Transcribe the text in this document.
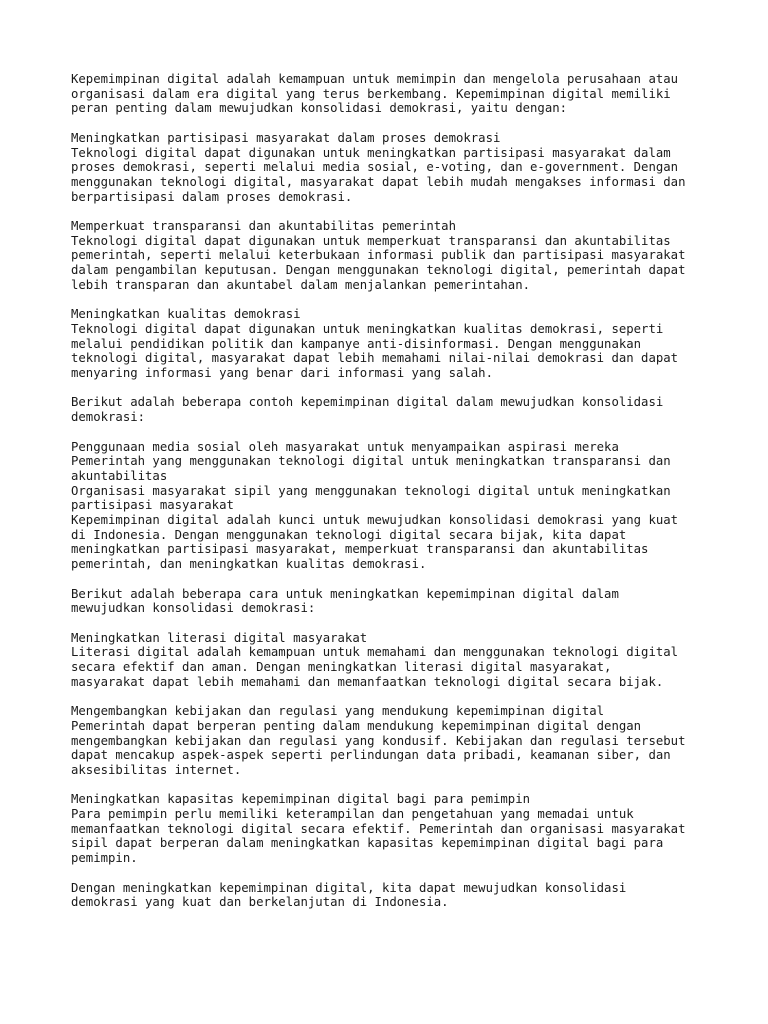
Kepemimpinan digital adalah kemampuan untuk memimpin dan mengelola perusahaan atau
organisasi dalam era digital yang terus berkembang. Kepemimpinan digital memiliki
peran penting dalam mewujudkan konsolidasi demokrasi, yaitu dengan:
Meningkatkan partisipasi masyarakat dalam proses demokrasi
Teknologi digital dapat digunakan untuk meningkatkan partisipasi masyarakat dalam
proses demokrasi, seperti melalui media sosial, e-voting, dan e-government. Dengan
menggunakan teknologi digital, masyarakat dapat lebih mudah mengakses informasi dan
berpartisipasi dalam proses demokrasi.
Memperkuat transparansi dan akuntabilitas pemerintah
Teknologi digital dapat digunakan untuk memperkuat transparansi dan akuntabilitas
pemerintah, seperti melalui keterbukaan informasi publik dan partisipasi masyarakat
dalam pengambilan keputusan. Dengan menggunakan teknologi digital, pemerintah dapat
lebih transparan dan akuntabel dalam menjalankan pemerintahan.
Meningkatkan kualitas demokrasi
Teknologi digital dapat digunakan untuk meningkatkan kualitas demokrasi, seperti
melalui pendidikan politik dan kampanye anti-disinformasi. Dengan menggunakan
teknologi digital, masyarakat dapat lebih memahami nilai-nilai demokrasi dan dapat
menyaring informasi yang benar dari informasi yang salah.
Berikut adalah beberapa contoh kepemimpinan digital dalam mewujudkan konsolidasi
demokrasi:
Penggunaan media sosial oleh masyarakat untuk menyampaikan aspirasi mereka
Pemerintah yang menggunakan teknologi digital untuk meningkatkan transparansi dan
akuntabilitas
Organisasi masyarakat sipil yang menggunakan teknologi digital untuk meningkatkan
partisipasi masyarakat
Kepemimpinan digital adalah kunci untuk mewujudkan konsolidasi demokrasi yang kuat
di Indonesia. Dengan menggunakan teknologi digital secara bijak, kita dapat
meningkatkan partisipasi masyarakat, memperkuat transparansi dan akuntabilitas
pemerintah, dan meningkatkan kualitas demokrasi.
Berikut adalah beberapa cara untuk meningkatkan kepemimpinan digital dalam
mewujudkan konsolidasi demokrasi:
Meningkatkan literasi digital masyarakat
Literasi digital adalah kemampuan untuk memahami dan menggunakan teknologi digital
secara efektif dan aman. Dengan meningkatkan literasi digital masyarakat,
masyarakat dapat lebih memahami dan memanfaatkan teknologi digital secara bijak.
Mengembangkan kebijakan dan regulasi yang mendukung kepemimpinan digital
Pemerintah dapat berperan penting dalam mendukung kepemimpinan digital dengan
mengembangkan kebijakan dan regulasi yang kondusif. Kebijakan dan regulasi tersebut
dapat mencakup aspek-aspek seperti perlindungan data pribadi, keamanan siber, dan
aksesibilitas internet.
Meningkatkan kapasitas kepemimpinan digital bagi para pemimpin
Para pemimpin perlu memiliki keterampilan dan pengetahuan yang memadai untuk
memanfaatkan teknologi digital secara efektif. Pemerintah dan organisasi masyarakat
sipil dapat berperan dalam meningkatkan kapasitas kepemimpinan digital bagi para
pemimpin.
Dengan meningkatkan kepemimpinan digital, kita dapat mewujudkan konsolidasi
demokrasi yang kuat dan berkelanjutan di Indonesia.
